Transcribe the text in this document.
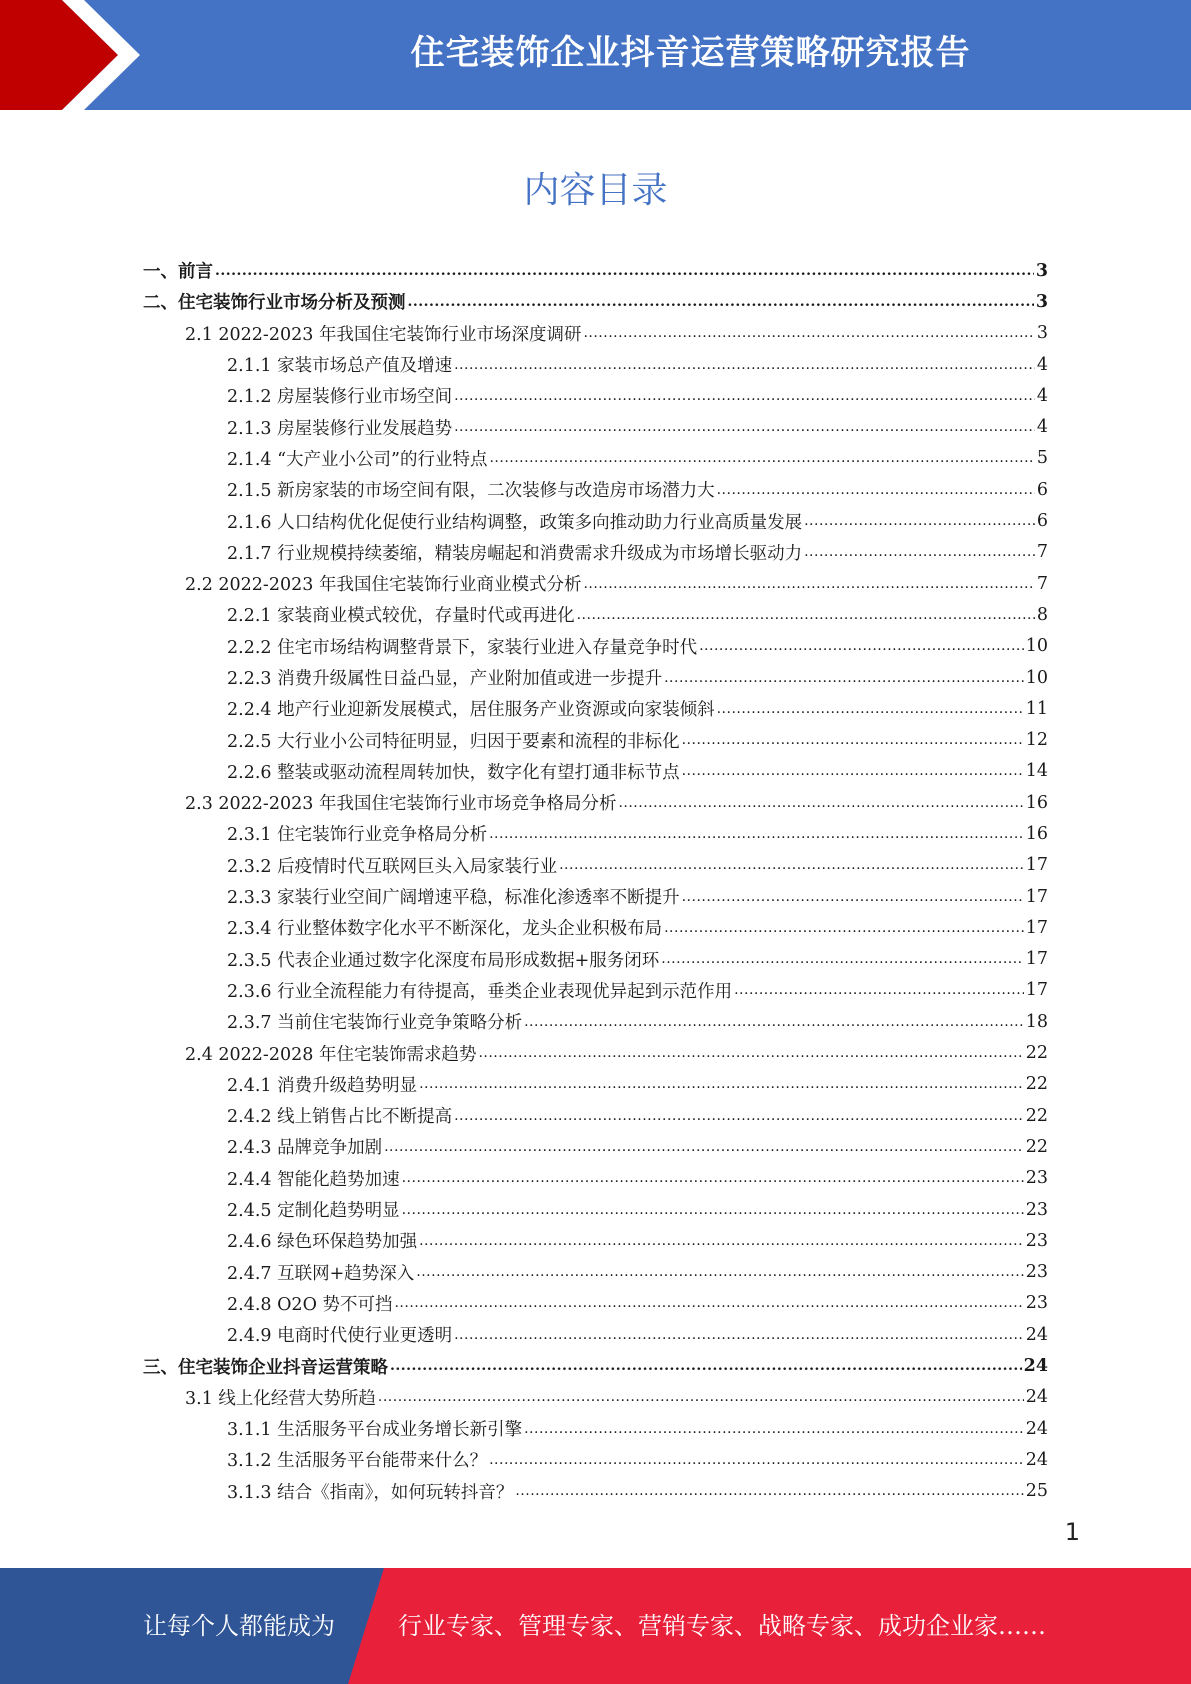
住宅装饰企业抖音运营策略研究报告
内容目录
一、前言 .....	3
二、住宅装饰行业市场分析及预测 .....	3
2.1 2022-2023 年我国住宅装饰行业市场深度调研 .....	3
2.1.1 家装市场总产值及增速 .....	4
2.1.2 房屋装修行业市场空间 .....	4
2.1.3 房屋装修行业发展趋势 .....	4
2.1.4 “大产业小公司”的行业特点 .....	5
2.1.5 新房家装的市场空间有限，二次装修与改造房市场潜力大 .....	6
2.1.6 人口结构优化促使行业结构调整，政策多向推动助力行业高质量发展 .....	6
2.1.7 行业规模持续萎缩，精装房崛起和消费需求升级成为市场增长驱动力 .....	7
2.2 2022-2023 年我国住宅装饰行业商业模式分析 .....	7
2.2.1 家装商业模式较优，存量时代或再进化 .....	8
2.2.2 住宅市场结构调整背景下，家装行业进入存量竞争时代 .....	10
2.2.3 消费升级属性日益凸显，产业附加值或进一步提升 .....	10
2.2.4 地产行业迎新发展模式，居住服务产业资源或向家装倾斜 .....	11
2.2.5 大行业小公司特征明显，归因于要素和流程的非标化 .....	12
2.2.6 整装或驱动流程周转加快，数字化有望打通非标节点 .....	14
2.3 2022-2023 年我国住宅装饰行业市场竞争格局分析 .....	16
2.3.1 住宅装饰行业竞争格局分析 .....	16
2.3.2 后疫情时代互联网巨头入局家装行业 .....	17
2.3.3 家装行业空间广阔增速平稳，标准化渗透率不断提升 .....	17
2.3.4 行业整体数字化水平不断深化，龙头企业积极布局 .....	17
2.3.5 代表企业通过数字化深度布局形成数据+服务闭环 .....	17
2.3.6 行业全流程能力有待提高，垂类企业表现优异起到示范作用 .....	17
2.3.7 当前住宅装饰行业竞争策略分析 .....	18
2.4 2022-2028 年住宅装饰需求趋势 .....	22
2.4.1 消费升级趋势明显 .....	22
2.4.2 线上销售占比不断提高 .....	22
2.4.3 品牌竞争加剧 .....	22
2.4.4 智能化趋势加速 .....	23
2.4.5 定制化趋势明显 .....	23
2.4.6 绿色环保趋势加强 .....	23
2.4.7 互联网+趋势深入 .....	23
2.4.8 O2O 势不可挡 .....	23
2.4.9 电商时代使行业更透明 .....	24
三、住宅装饰企业抖音运营策略 .....	24
3.1 线上化经营大势所趋 .....	24
3.1.1 生活服务平台成业务增长新引擎 .....	24
3.1.2 生活服务平台能带来什么？ .....	24
3.1.3 结合《指南》，如何玩转抖音？ .....	25
1
让每个人都能成为	行业专家、管理专家、营销专家、战略专家、成功企业家……
